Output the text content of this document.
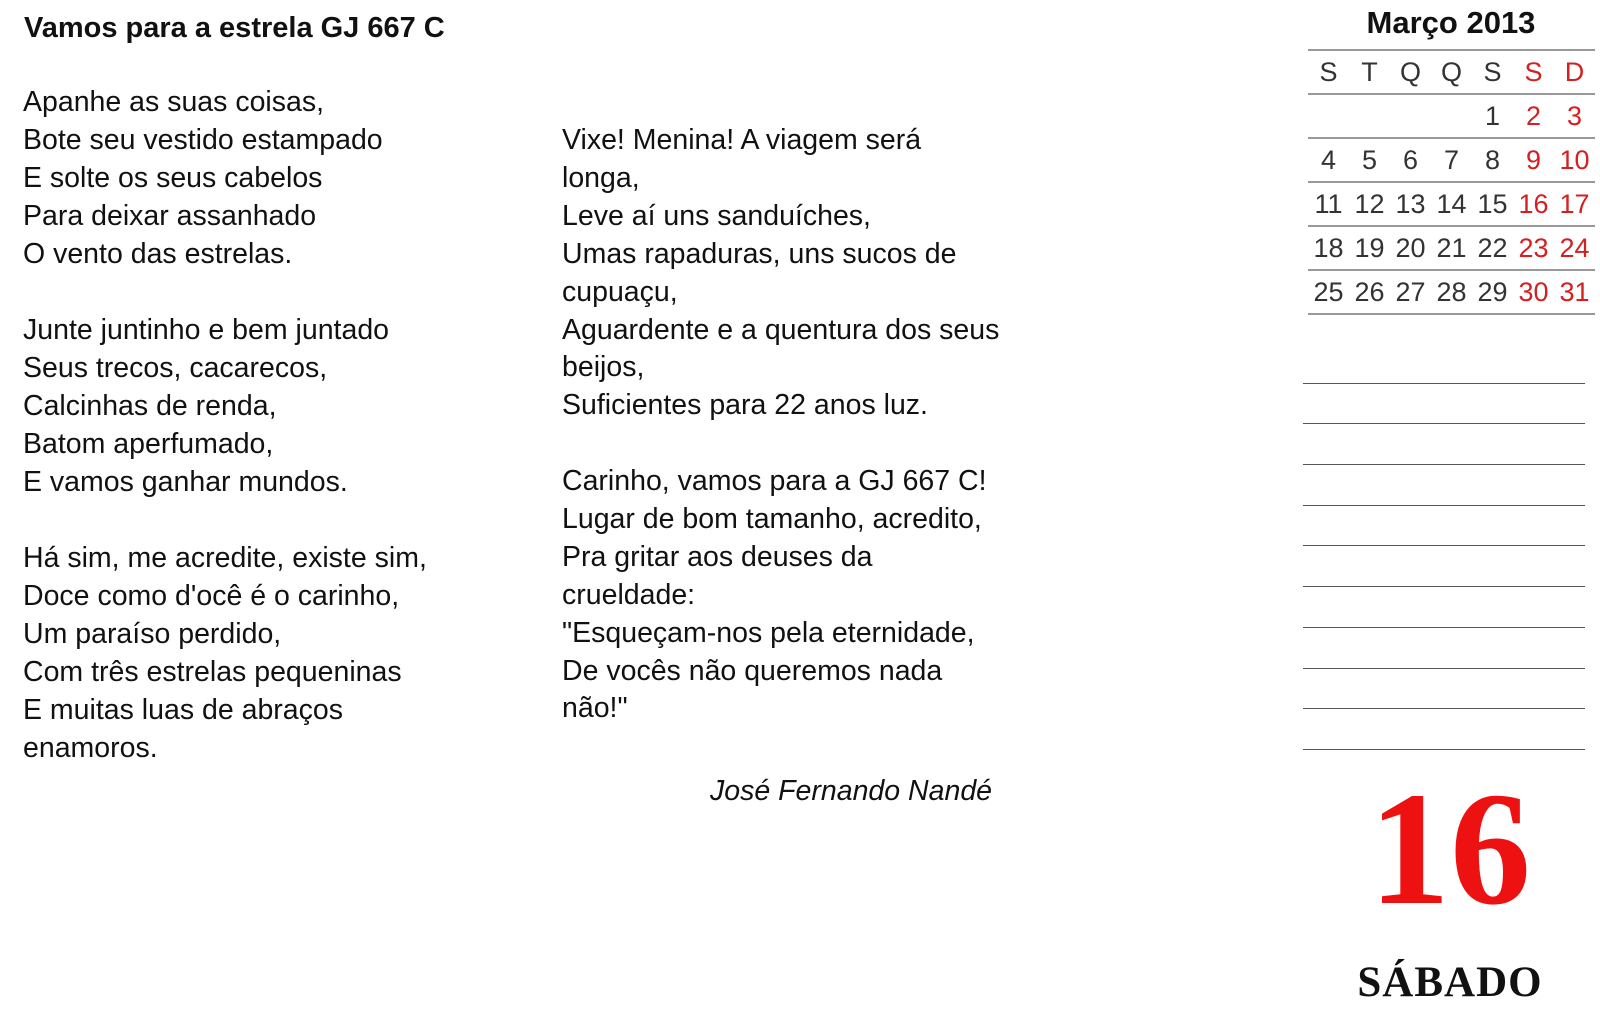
Vamos para a estrela GJ 667 C
Apanhe as suas coisas,
Bote seu vestido estampado
E solte os seus cabelos
Para deixar assanhado
O vento das estrelas.
Junte juntinho e bem juntado
Seus trecos, cacarecos,
Calcinhas de renda,
Batom aperfumado,
E vamos ganhar mundos.
Há sim, me acredite, existe sim,
Doce como d'ocê é o carinho,
Um paraíso perdido,
Com três estrelas pequeninas
E muitas luas de abraços
enamoros.
Vixe! Menina! A viagem será
longa,
Leve aí uns sanduíches,
Umas rapaduras, uns sucos de
cupuaçu,
Aguardente e a quentura dos seus
beijos,
Suficientes para 22 anos luz.
Carinho, vamos para a GJ 667 C!
Lugar de bom tamanho, acredito,
Pra gritar aos deuses da
crueldade:
"Esqueçam-nos pela eternidade,
De vocês não queremos nada
não!"
José Fernando Nandé
Março 2013
S	T	Q	Q	S	S	D
				1	2	3
4	5	6	7	8	9	10
11	12	13	14	15	16	17
18	19	20	21	22	23	24
25	26	27	28	29	30	31
16
SÁBADO
